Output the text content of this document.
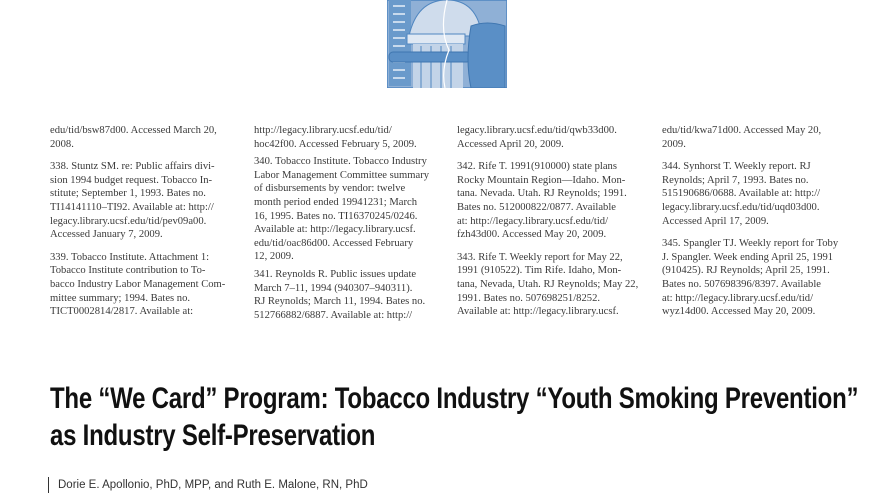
edu/tid/bsw87d00. Accessed March 20,
2008.

338. Stuntz SM. re: Public affairs divi-
sion 1994 budget request. Tobacco In-
stitute; September 1, 1993. Bates no.
TI14141110–TI92. Available at: http://
legacy.library.ucsf.edu/tid/pev09a00.
Accessed January 7, 2009.

339. Tobacco Institute. Attachment 1:
Tobacco Institute contribution to To-
bacco Industry Labor Management Com-
mittee summary; 1994. Bates no.
TICT0002814/2817. Available at:

http://legacy.library.ucsf.edu/tid/
hoc42f00. Accessed February 5, 2009.

340. Tobacco Institute. Tobacco Industry
Labor Management Committee summary
of disbursements by vendor: twelve
month period ended 19941231; March
16, 1995. Bates no. TI16370245/0246.
Available at: http://legacy.library.ucsf.
edu/tid/oac86d00. Accessed February
12, 2009.

341. Reynolds R. Public issues update
March 7–11, 1994 (940307–940311).
RJ Reynolds; March 11, 1994. Bates no.
512766882/6887. Available at: http://

legacy.library.ucsf.edu/tid/qwb33d00.
Accessed April 20, 2009.

342. Rife T. 1991(910000) state plans
Rocky Mountain Region—Idaho. Mon-
tana. Nevada. Utah. RJ Reynolds; 1991.
Bates no. 512000822/0877. Available
at: http://legacy.library.ucsf.edu/tid/
fzh43d00. Accessed May 20, 2009.

343. Rife T. Weekly report for May 22,
1991 (910522). Tim Rife. Idaho, Mon-
tana, Nevada, Utah. RJ Reynolds; May 22,
1991. Bates no. 507698251/8252.
Available at: http://legacy.library.ucsf.

edu/tid/kwa71d00. Accessed May 20,
2009.

344. Synhorst T. Weekly report. RJ
Reynolds; April 7, 1993. Bates no.
515190686/0688. Available at: http://
legacy.library.ucsf.edu/tid/uqd03d00.
Accessed April 17, 2009.

345. Spangler TJ. Weekly report for Toby
J. Spangler. Week ending April 25, 1991
(910425). RJ Reynolds; April 25, 1991.
Bates no. 507698396/8397. Available
at: http://legacy.library.ucsf.edu/tid/
wyz14d00. Accessed May 20, 2009.

The “We Card” Program: Tobacco Industry “Youth Smoking Prevention”
as Industry Self-Preservation
Dorie E. Apollonio, PhD, MPP, and Ruth E. Malone, RN, PhD
